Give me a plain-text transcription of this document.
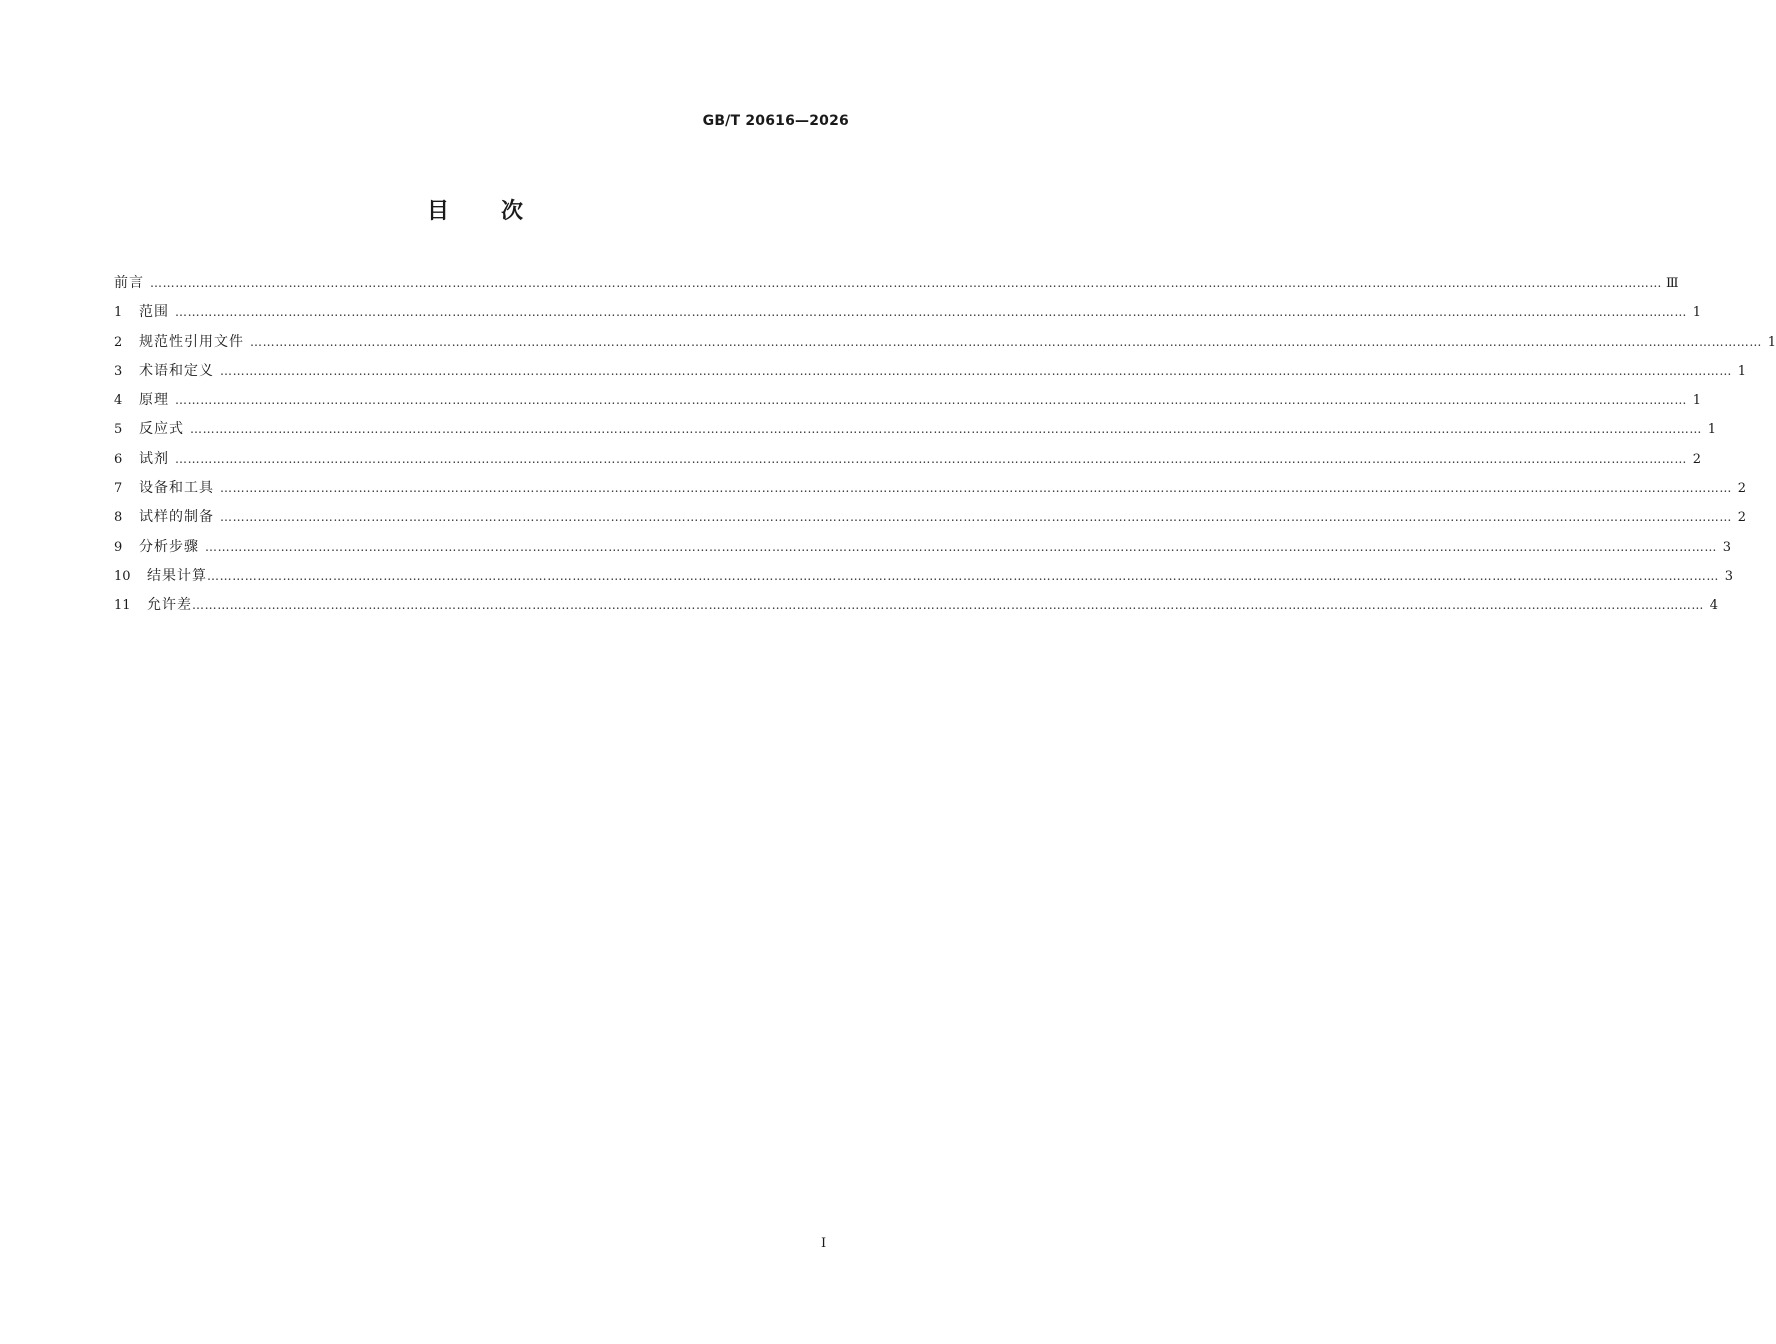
GB/T 20616—2026
目 次
前言 ……………………………………………………………………………………………………………………………………………………………………………………………………………………………………………………………………………………………………………………………… Ⅲ
1	范围 ……………………………………………………………………………………………………………………………………………………………………………………………………………………………………………………………………………………………………………………………… 1
2	规范性引用文件 ……………………………………………………………………………………………………………………………………………………………………………………………………………………………………………………………………………………………………………………………… 1
3	术语和定义 ……………………………………………………………………………………………………………………………………………………………………………………………………………………………………………………………………………………………………………………………… 1
4	原理 ……………………………………………………………………………………………………………………………………………………………………………………………………………………………………………………………………………………………………………………………… 1
5	反应式 ……………………………………………………………………………………………………………………………………………………………………………………………………………………………………………………………………………………………………………………………… 1
6	试剂 ……………………………………………………………………………………………………………………………………………………………………………………………………………………………………………………………………………………………………………………………… 2
7	设备和工具 ……………………………………………………………………………………………………………………………………………………………………………………………………………………………………………………………………………………………………………………………… 2
8	试样的制备 ……………………………………………………………………………………………………………………………………………………………………………………………………………………………………………………………………………………………………………………………… 2
9	分析步骤 ……………………………………………………………………………………………………………………………………………………………………………………………………………………………………………………………………………………………………………………………… 3
10	结果计算 ……………………………………………………………………………………………………………………………………………………………………………………………………………………………………………………………………………………………………………………………… 3
11	允许差 ……………………………………………………………………………………………………………………………………………………………………………………………………………………………………………………………………………………………………………………………… 4
I
